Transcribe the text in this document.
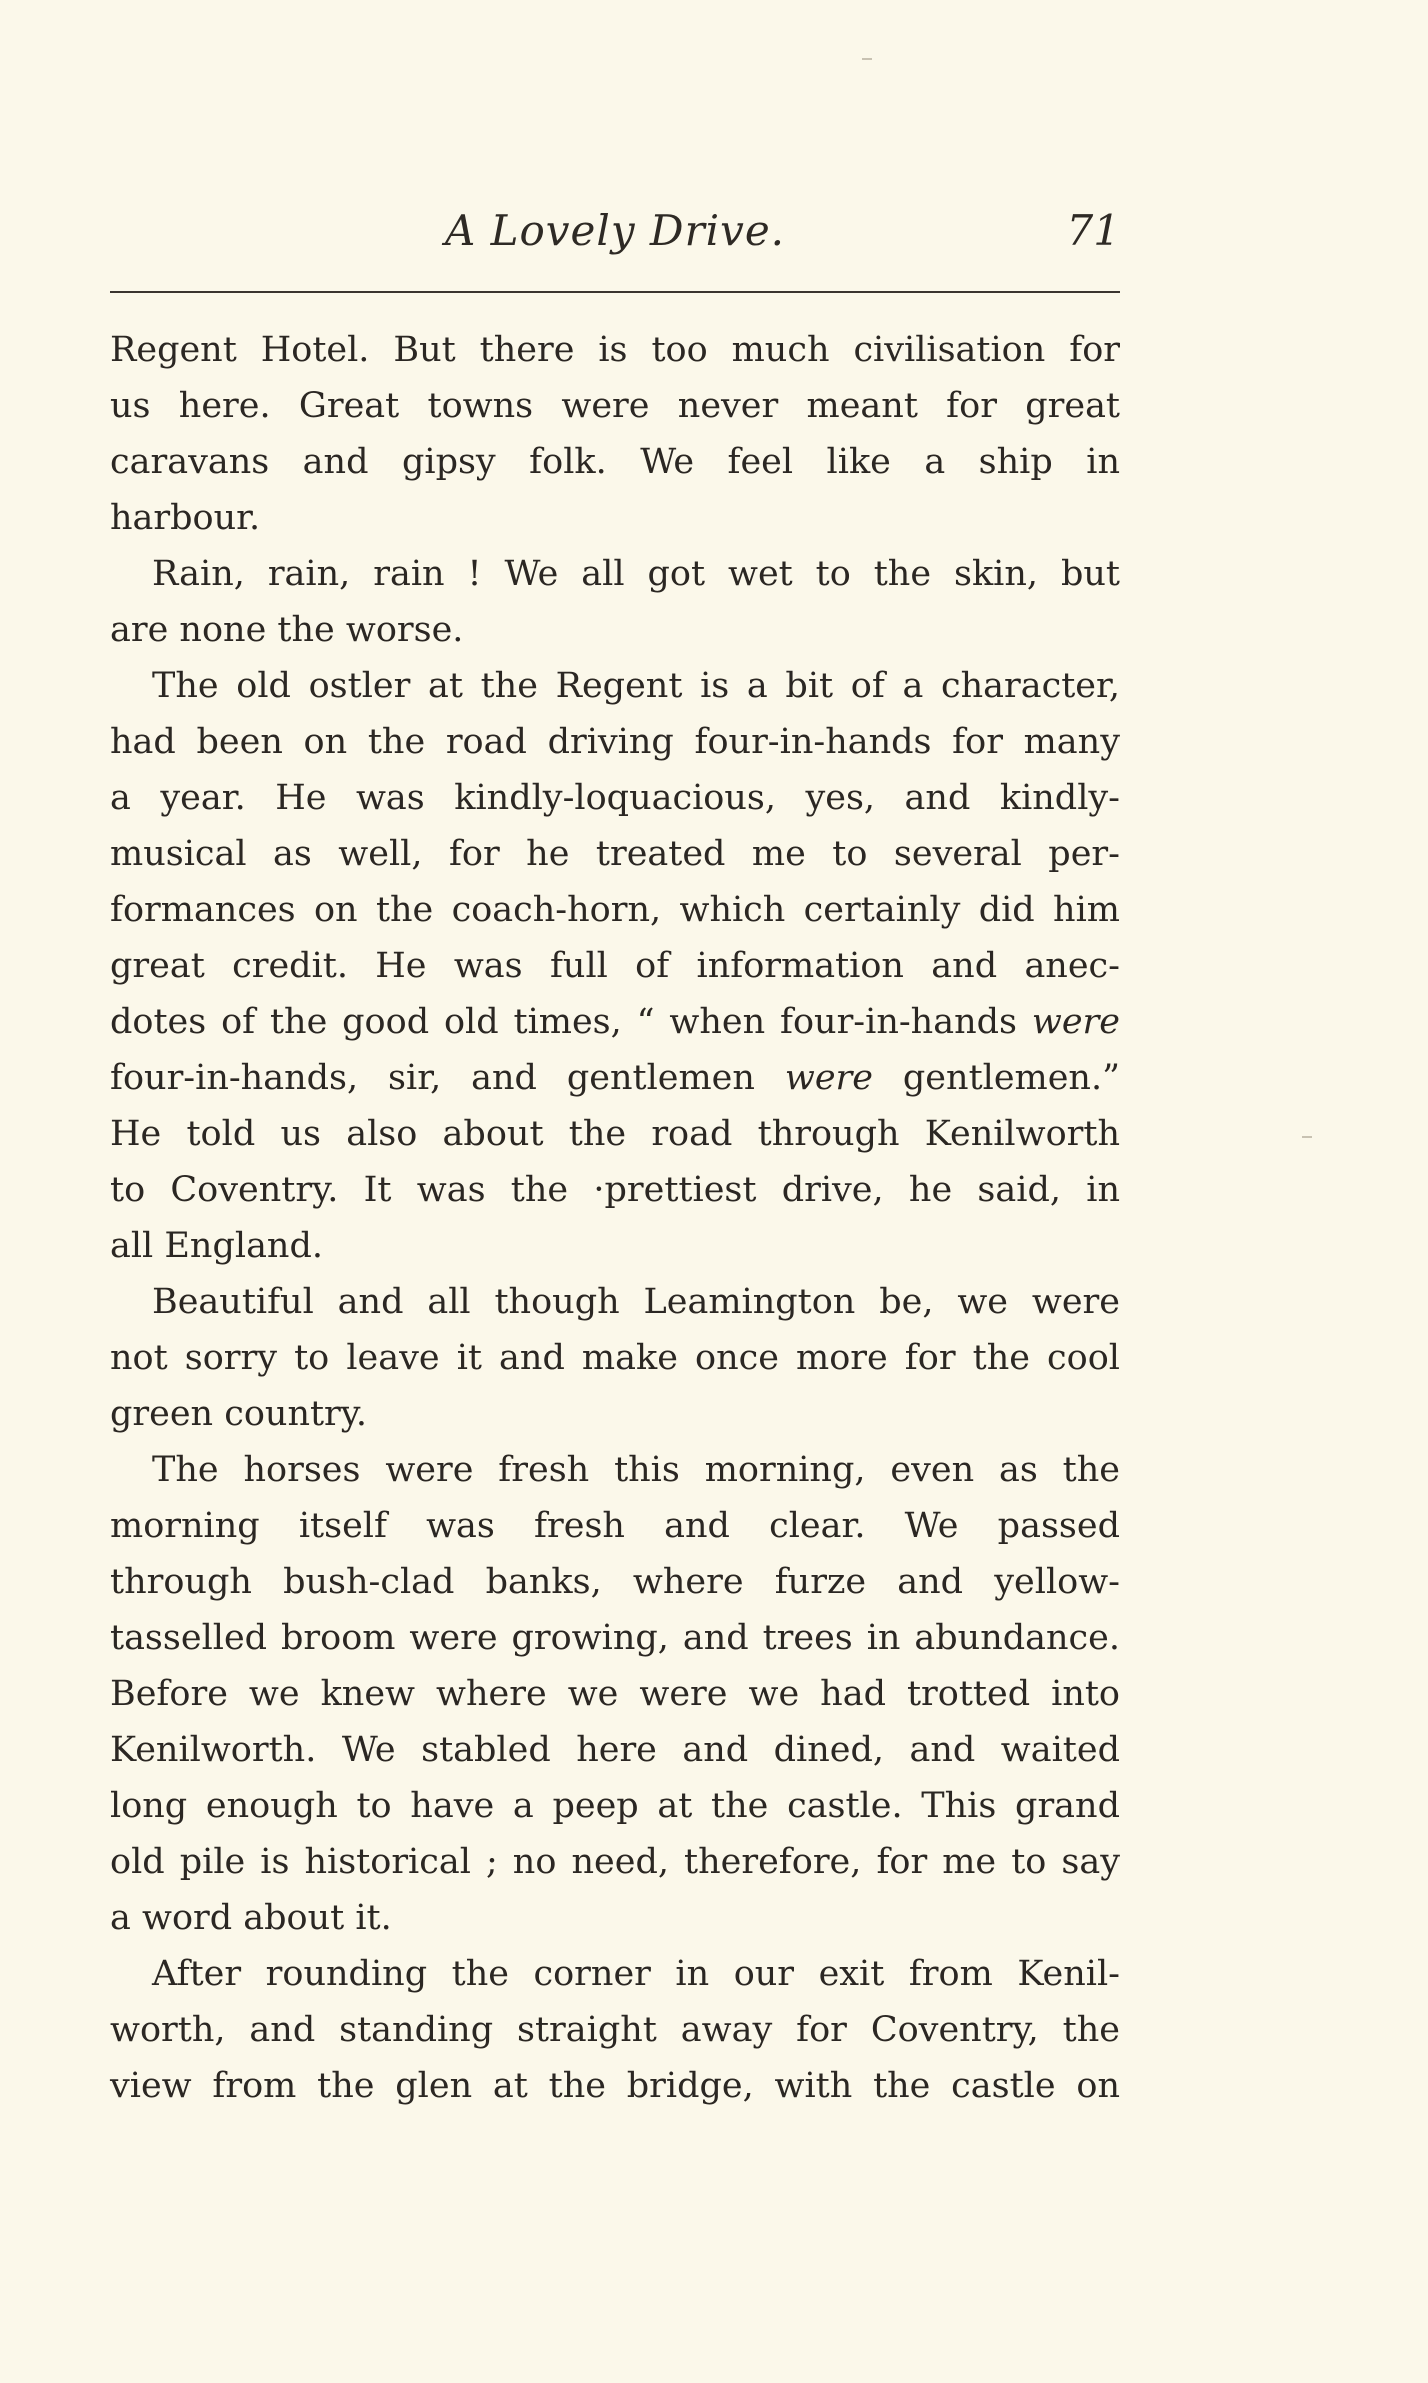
A Lovely Drive.	71
Regent Hotel. But there is too much civilisation for
us here. Great towns were never meant for great
caravans and gipsy folk. We feel like a ship in
harbour.
Rain, rain, rain ! We all got wet to the skin, but
are none the worse.
The old ostler at the Regent is a bit of a character,
had been on the road driving four-in-hands for many
a year. He was kindly-loquacious, yes, and kindly-
musical as well, for he treated me to several per-
formances on the coach-horn, which certainly did him
great credit. He was full of information and anec-
dotes of the good old times, “ when four-in-hands were
four-in-hands, sir, and gentlemen were gentlemen.”
He told us also about the road through Kenilworth
to Coventry. It was the ·prettiest drive, he said, in
all England.
Beautiful and all though Leamington be, we were
not sorry to leave it and make once more for the cool
green country.
The horses were fresh this morning, even as the
morning itself was fresh and clear. We passed
through bush-clad banks, where furze and yellow-
tasselled broom were growing, and trees in abundance.
Before we knew where we were we had trotted into
Kenilworth. We stabled here and dined, and waited
long enough to have a peep at the castle. This grand
old pile is historical ; no need, therefore, for me to say
a word about it.
After rounding the corner in our exit from Kenil-
worth, and standing straight away for Coventry, the
view from the glen at the bridge, with the castle on
